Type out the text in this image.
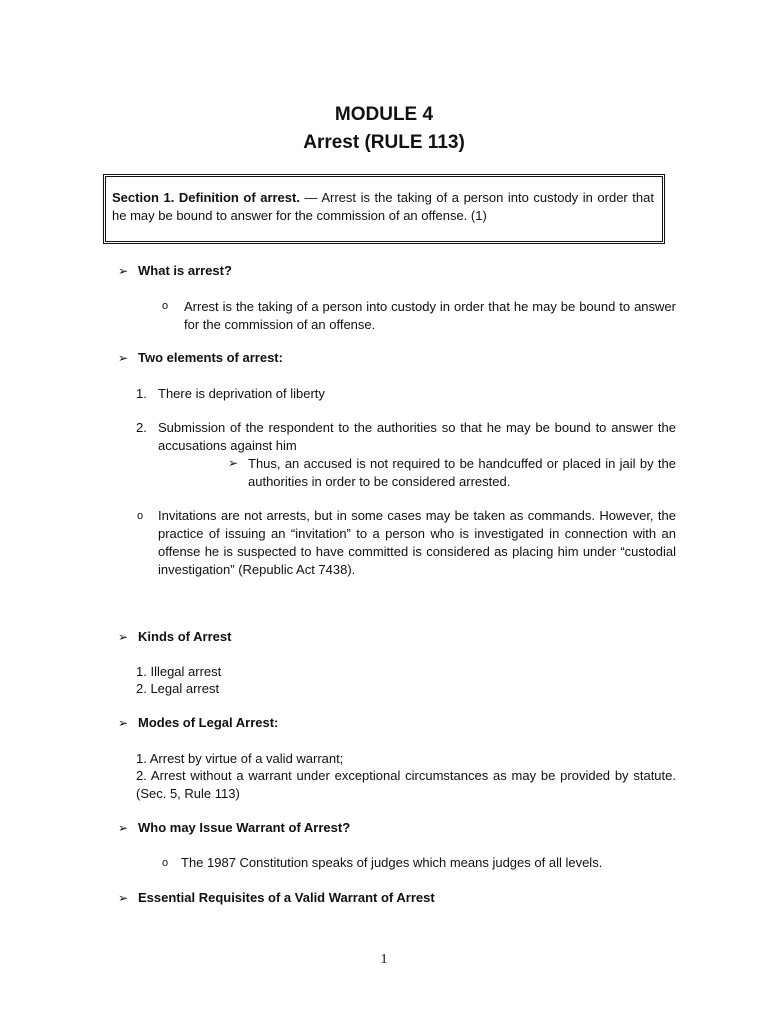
MODULE 4
Arrest (RULE 113)
Section 1. Definition of arrest. — Arrest is the taking of a person into custody in order that he may be bound to answer for the commission of an offense. (1)
➢ What is arrest?
o Arrest is the taking of a person into custody in order that he may be bound to answer for the commission of an offense.
➢ Two elements of arrest:
1. There is deprivation of liberty
2. Submission of the respondent to the authorities so that he may be bound to answer the accusations against him
➢ Thus, an accused is not required to be handcuffed or placed in jail by the authorities in order to be considered arrested.
o Invitations are not arrests, but in some cases may be taken as commands. However, the practice of issuing an “invitation” to a person who is investigated in connection with an offense he is suspected to have committed is considered as placing him under “custodial investigation” (Republic Act 7438).
➢ Kinds of Arrest
1. Illegal arrest
2. Legal arrest
➢ Modes of Legal Arrest:
1. Arrest by virtue of a valid warrant;
2. Arrest without a warrant under exceptional circumstances as may be provided by statute. (Sec. 5, Rule 113)
➢ Who may Issue Warrant of Arrest?
o The 1987 Constitution speaks of judges which means judges of all levels.
➢ Essential Requisites of a Valid Warrant of Arrest
1
